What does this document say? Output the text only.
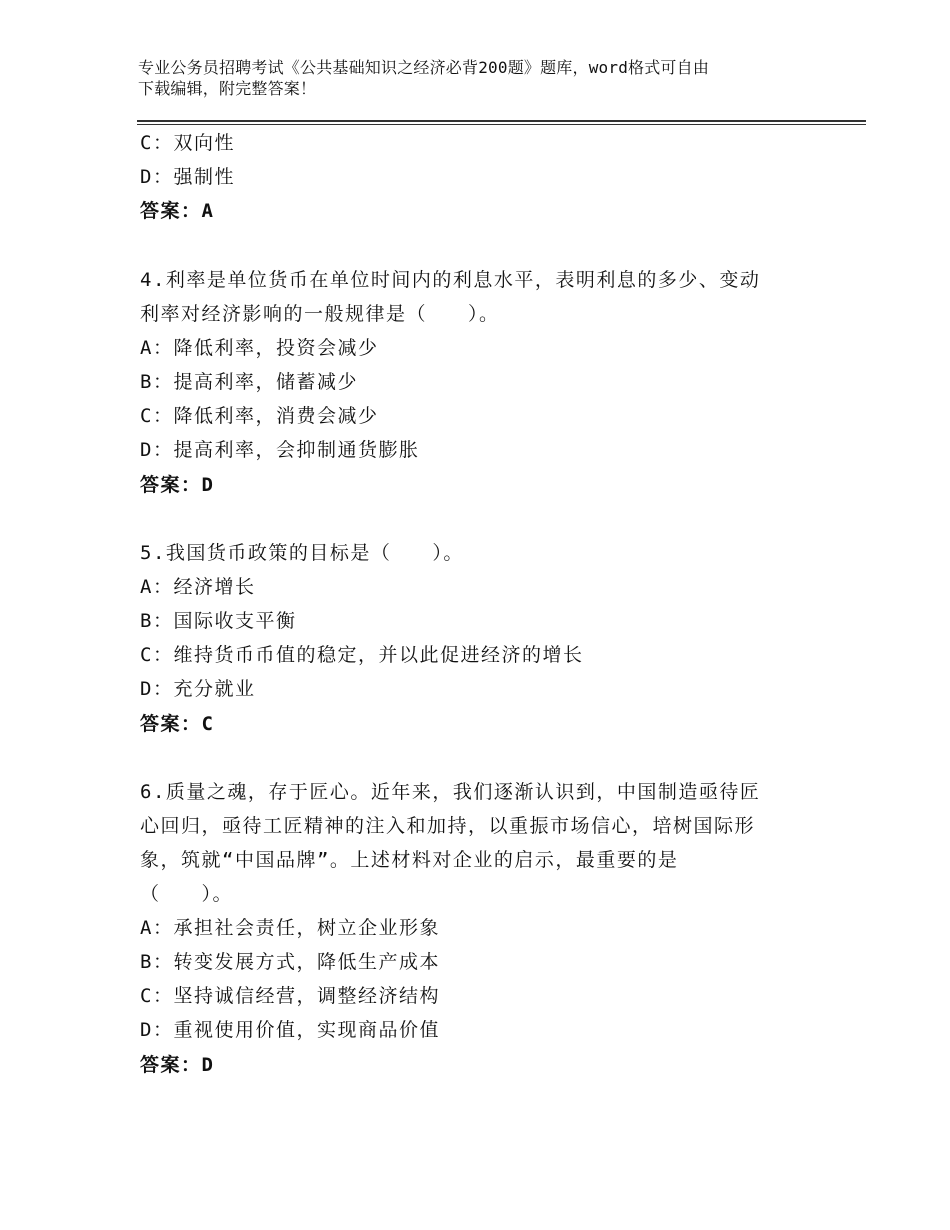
专业公务员招聘考试《公共基础知识之经济必背200题》题库，word格式可自由
下载编辑，附完整答案！
C：双向性
D：强制性
答案：A
4.利率是单位货币在单位时间内的利息水平，表明利息的多少、变动
利率对经济影响的一般规律是（　　）。
A：降低利率，投资会减少
B：提高利率，储蓄减少
C：降低利率，消费会减少
D：提高利率，会抑制通货膨胀
答案：D
5.我国货币政策的目标是（　　）。
A：经济增长
B：国际收支平衡
C：维持货币币值的稳定，并以此促进经济的增长
D：充分就业
答案：C
6.质量之魂，存于匠心。近年来，我们逐渐认识到，中国制造亟待匠
心回归，亟待工匠精神的注入和加持，以重振市场信心，培树国际形
象，筑就“中国品牌”。上述材料对企业的启示，最重要的是
（　　）。
A：承担社会责任，树立企业形象
B：转变发展方式，降低生产成本
C：坚持诚信经营，调整经济结构
D：重视使用价值，实现商品价值
答案：D
